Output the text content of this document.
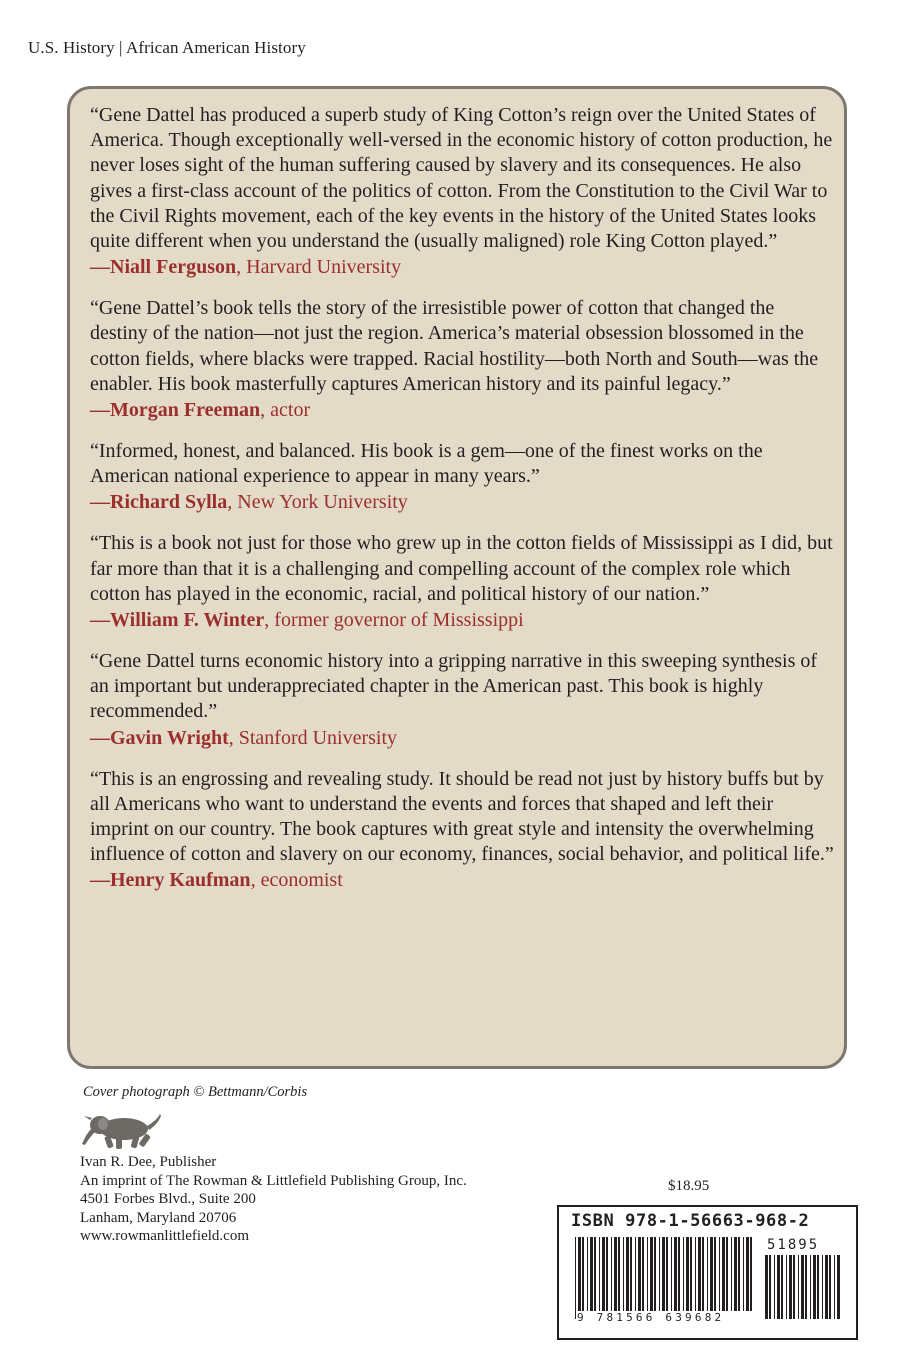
U.S. History | African American History

“Gene Dattel has produced a superb study of King Cotton’s reign over the United States of America. Though exceptionally well-versed in the economic history of cotton production, he never loses sight of the human suffering caused by slavery and its consequences. He also gives a first-class account of the politics of cotton. From the Constitution to the Civil War to the Civil Rights movement, each of the key events in the history of the United States looks quite different when you understand the (usually maligned) role King Cotton played.”

—Niall Ferguson, Harvard University

“Gene Dattel’s book tells the story of the irresistible power of cotton that changed the destiny of the nation—not just the region. America’s material obsession blossomed in the cotton fields, where blacks were trapped. Racial hostility—both North and South—was the enabler. His book masterfully captures American history and its painful legacy.”

—Morgan Freeman, actor

“Informed, honest, and balanced. His book is a gem—one of the finest works on the American national experience to appear in many years.”

—Richard Sylla, New York University

“This is a book not just for those who grew up in the cotton fields of Mississippi as I did, but far more than that it is a challenging and compelling account of the complex role which cotton has played in the economic, racial, and political history of our nation.”

—William F. Winter, former governor of Mississippi

“Gene Dattel turns economic history into a gripping narrative in this sweeping synthesis of an important but underappreciated chapter in the American past. This book is highly recommended.”

—Gavin Wright, Stanford University

“This is an engrossing and revealing study. It should be read not just by history buffs but by all Americans who want to understand the events and forces that shaped and left their imprint on our country. The book captures with great style and intensity the overwhelming influence of cotton and slavery on our economy, finances, social behavior, and political life.”

—Henry Kaufman, economist
Cover photograph © Bettmann/Corbis
Ivan R. Dee, Publisher
An imprint of The Rowman & Littlefield Publishing Group, Inc.
4501 Forbes Blvd., Suite 200
Lanham, Maryland 20706
www.rowmanlittlefield.com
$18.95
ISBN 978-1-56663-968-2
51895
9 781566 639682
